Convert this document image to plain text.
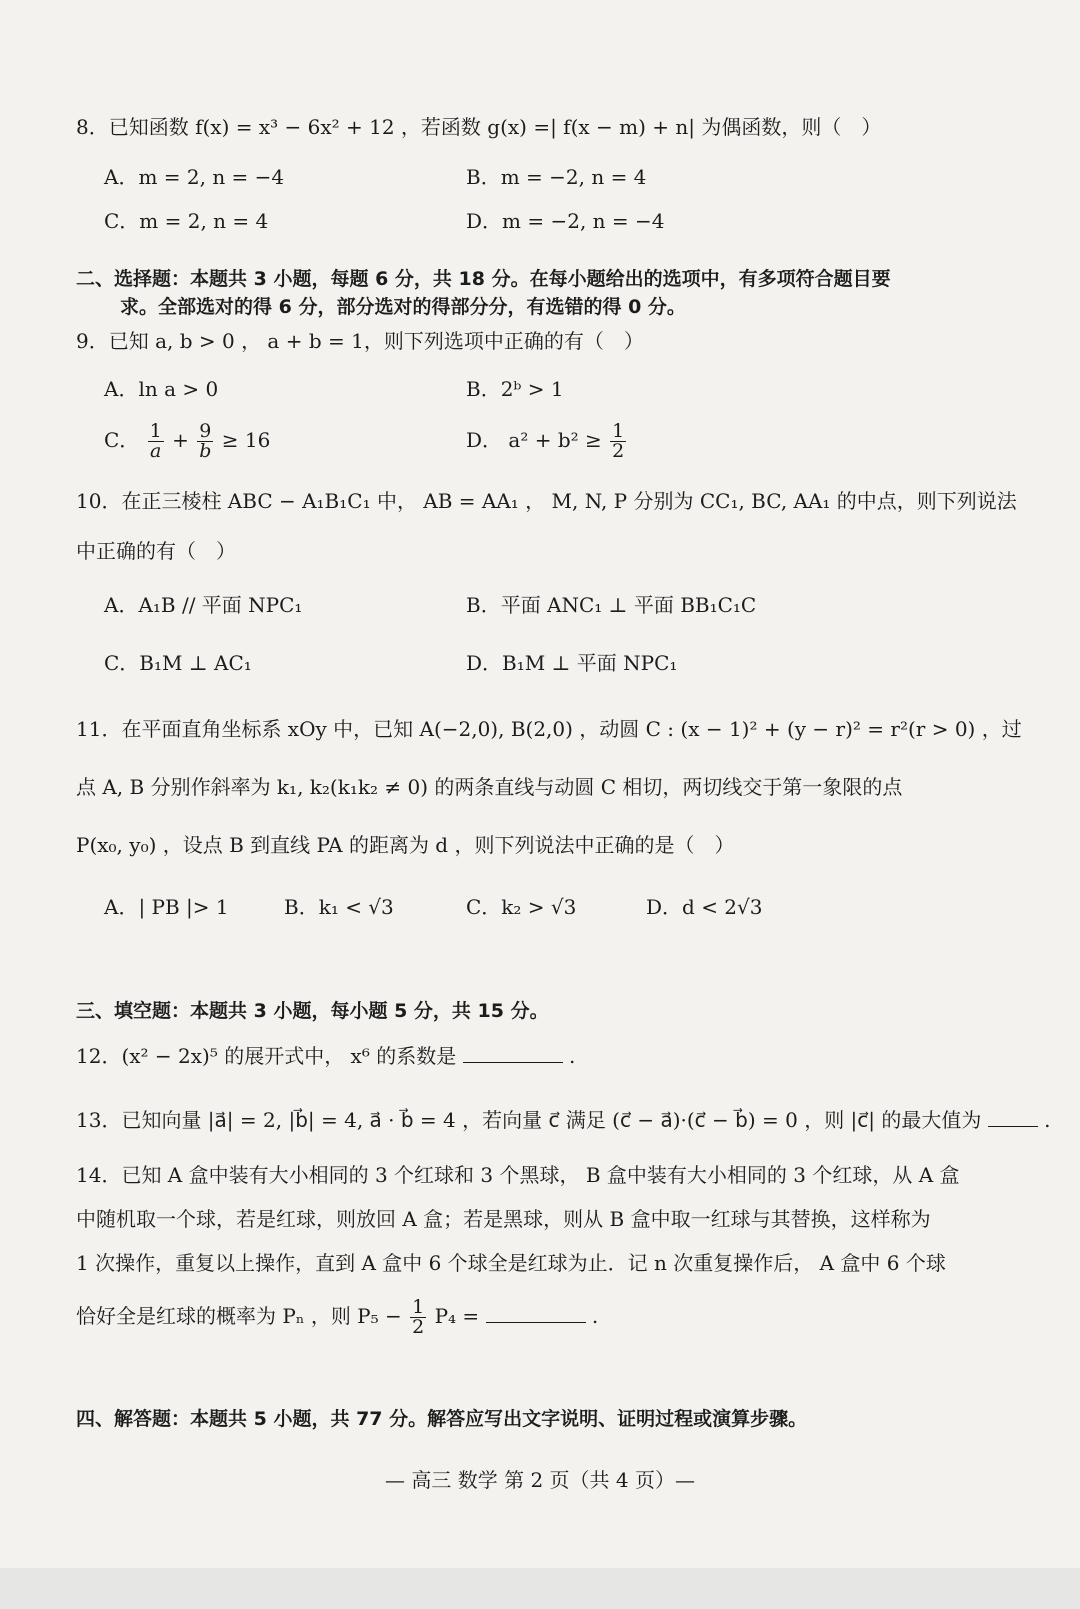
8．已知函数 f(x) = x³ − 6x² + 12 ，若函数 g(x) =| f(x − m) + n| 为偶函数，则（　）
A．m = 2, n = −4	B．m = −2, n = 4
C．m = 2, n = 4	D．m = −2, n = −4
二、选择题：本题共 3 小题，每题 6 分，共 18 分。在每小题给出的选项中，有多项符合题目要
求。全部选对的得 6 分，部分选对的得部分分，有选错的得 0 分。
9．已知 a, b > 0 ， a + b = 1，则下列选项中正确的有（　）
A．ln a > 0	B．2ᵇ > 1
C． $\frac{1}{a} + \frac{9}{b} \ge 16$	D． $a^2 + b^2 \ge \frac{1}{2}$
10．在正三棱柱 ABC − A₁B₁C₁ 中， AB = AA₁ ， M, N, P 分别为 CC₁, BC, AA₁ 的中点，则下列说法
中正确的有（　）
A．A₁B // 平面 NPC₁	B．平面 ANC₁ ⊥ 平面 BB₁C₁C
C．B₁M ⊥ AC₁	D．B₁M ⊥ 平面 NPC₁
11．在平面直角坐标系 xOy 中，已知 A(−2,0), B(2,0) ，动圆 C : (x − 1)² + (y − r)² = r²(r > 0) ，过
点 A, B 分别作斜率为 k₁, k₂(k₁k₂ ≠ 0) 的两条直线与动圆 C 相切，两切线交于第一象限的点
P(x₀, y₀) ，设点 B 到直线 PA 的距离为 d ，则下列说法中正确的是（　）
A．| PB |> 1	B．k₁ < √3	C．k₂ > √3	D．d < 2√3
三、填空题：本题共 3 小题，每小题 5 分，共 15 分。
12．(x² − 2x)⁵ 的展开式中， x⁶ 的系数是	.
13．已知向量 |a⃗| = 2, |b⃗| = 4, a⃗ · b⃗ = 4 ，若向量 c⃗ 满足 (c⃗ − a⃗)·(c⃗ − b⃗) = 0 ，则 |c⃗| 的最大值为	.
14．已知 A 盒中装有大小相同的 3 个红球和 3 个黑球， B 盒中装有大小相同的 3 个红球，从 A 盒
中随机取一个球，若是红球，则放回 A 盒；若是黑球，则从 B 盒中取一红球与其替换，这样称为
1 次操作，重复以上操作，直到 A 盒中 6 个球全是红球为止．记 n 次重复操作后， A 盒中 6 个球
恰好全是红球的概率为 Pₙ ，则 $P_5 - \frac{1}{2} P_4$ =	.
四、解答题：本题共 5 小题，共 77 分。解答应写出文字说明、证明过程或演算步骤。
— 高三 数学 第 2 页（共 4 页）—
